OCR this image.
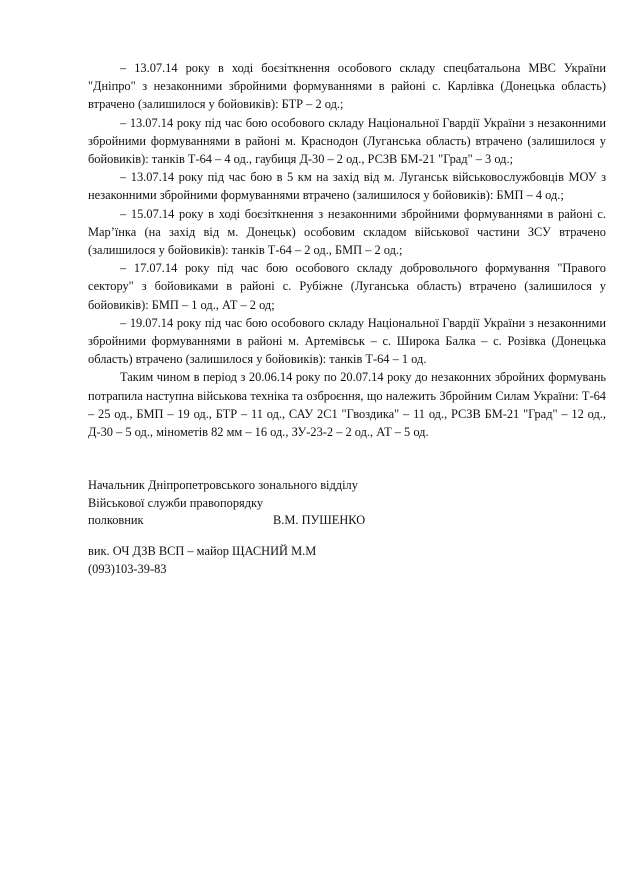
– 13.07.14 року в ході боєзіткнення особового складу спецбатальона МВС України "Дніпро" з незаконними збройними формуваннями в районі с. Карлівка (Донецька область) втрачено (залишилося у бойовиків): БТР – 2 од.;

– 13.07.14 року під час бою особового складу Національної Гвардії України з незаконними збройними формуваннями в районі м. Краснодон (Луганська область) втрачено (залишилося у бойовиків): танків Т-64 – 4 од., гаубиця Д-30 – 2 од., РСЗВ БМ-21 "Град" – 3 од.;

– 13.07.14 року під час бою в 5 км на захід від м. Луганськ військовослужбовців МОУ з незаконними збройними формуваннями втрачено (залишилося у бойовиків): БМП – 4 од.;

– 15.07.14 року в ході боєзіткнення з незаконними збройними формуваннями в районі с. Мар’їнка (на захід від м. Донецьк) особовим складом військової частини ЗСУ втрачено (залишилося у бойовиків): танків Т-64 – 2 од., БМП – 2 од.;

– 17.07.14 року під час бою особового складу добровольчого формування "Правого сектору" з бойовиками в районі с. Рубіжне (Луганська область) втрачено (залишилося у бойовиків): БМП – 1 од., АТ – 2 од;

– 19.07.14 року під час бою особового складу Національної Гвардії України з незаконними збройними формуваннями в районі м. Артемівськ – с. Широка Балка – с. Розівка (Донецька область) втрачено (залишилося у бойовиків): танків Т-64 – 1 од.

Таким чином в період з 20.06.14 року по 20.07.14 року до незаконних збройних формувань потрапила наступна військова техніка та озброєння, що належить Збройним Силам України: Т-64 – 25 од., БМП – 19 од., БТР – 11 од., САУ 2С1 "Гвоздика" – 11 од., РСЗВ БМ-21 "Град" – 12 од., Д-30 – 5 од., мінометів 82 мм – 16 од., ЗУ-23-2 – 2 од., АТ – 5 од.

Начальник Дніпропетровського зонального відділу
Військової служби правопорядку
полковник	В.М. ПУШЕНКО
вик. ОЧ ДЗВ ВСП – майор ЩАСНИЙ М.М
(093)103-39-83
